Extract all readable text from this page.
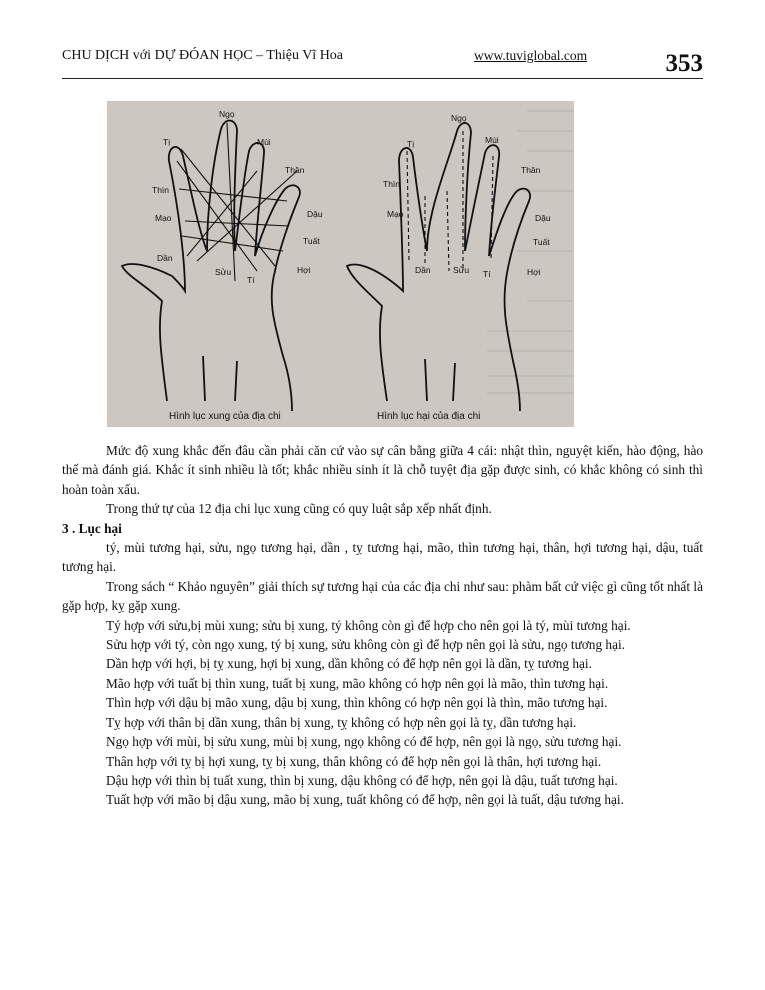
CHU DỊCH với DỰ ĐÓAN HỌC – Thiệu Vĩ Hoa	www.tuviglobal.com	353
Ngọ
Tị	Mùi
Thìn
Thân
Mạo	Dậu
Tuất
Dần
Sửu
Tí
Hợi
Ngọ
Tị	Mùi
Thìn
Thân
Mạo	Dậu
Tuất
Dần	Sửu Tí	Hợi
Hình lục xung của địa chi	Hình lục hại của địa chi

Mức độ xung khắc đến đâu cần phải căn cứ vào sự cân bằng giữa 4 cái: nhật thìn, nguyệt kiến, hào động, hào thế mà đánh giá. Khắc ít sinh nhiều là tốt; khắc nhiều sinh ít là chỗ tuyệt địa gặp được sinh, có khắc không có sinh thì hoàn toàn xấu.

Trong thứ tự của 12 địa chi lục xung cũng có quy luật sắp xếp nhất định.

3 . Lục hại

tý, mùi tương hại, sửu, ngọ tương hại, dần , tỵ tương hại, mão, thìn tương hại, thân, hợi tương hại, dậu, tuất tương hại.

Trong sách “ Khảo nguyên” giải thích sự tương hại của các địa chi như sau: phàm bất cứ việc gì cũng tốt nhất là gặp hợp, kỵ gặp xung.

Tý hợp với sửu,bị mùi xung; sửu bị xung, tý không còn gì để hợp cho nên gọi là tý, mùi tương hại.

Sửu hợp với tý, còn ngọ xung, tý bị xung, sửu không còn gì để hợp nên gọi là sửu, ngọ tương hại.

Dần hợp với hợi, bị tỵ xung, hợi bị xung, dần không có để hợp nên gọi là dần, tỵ tương hại.

Mão hợp với tuất bị thìn xung, tuất bị xung, mão không có hợp nên gọi là mão, thìn tương hại.

Thìn hợp với dậu bị mão xung, dậu bị xung, thìn không có hợp nên gọi là thìn, mão tương hại.

Tỵ hợp với thân bị dần xung, thân bị xung, tỵ không có hợp nên gọi là tỵ, dần tương hại.

Ngọ hợp với mùi, bị sửu xung, mùi bị xung, ngọ không có để hợp, nên gọi là ngọ, sửu tương hại.

Thân hợp với tỵ bị hợi xung, tỵ bị xung, thân không có để hợp nên gọi là thân, hợi tương hại.

Dậu hợp với thìn bị tuất xung, thìn bị xung, dậu không có để hợp, nên gọi là dậu, tuất tương hại.

Tuất hợp với mão bị dậu xung, mão bị xung, tuất không có để hợp, nên gọi là tuất, dậu tương hại.
